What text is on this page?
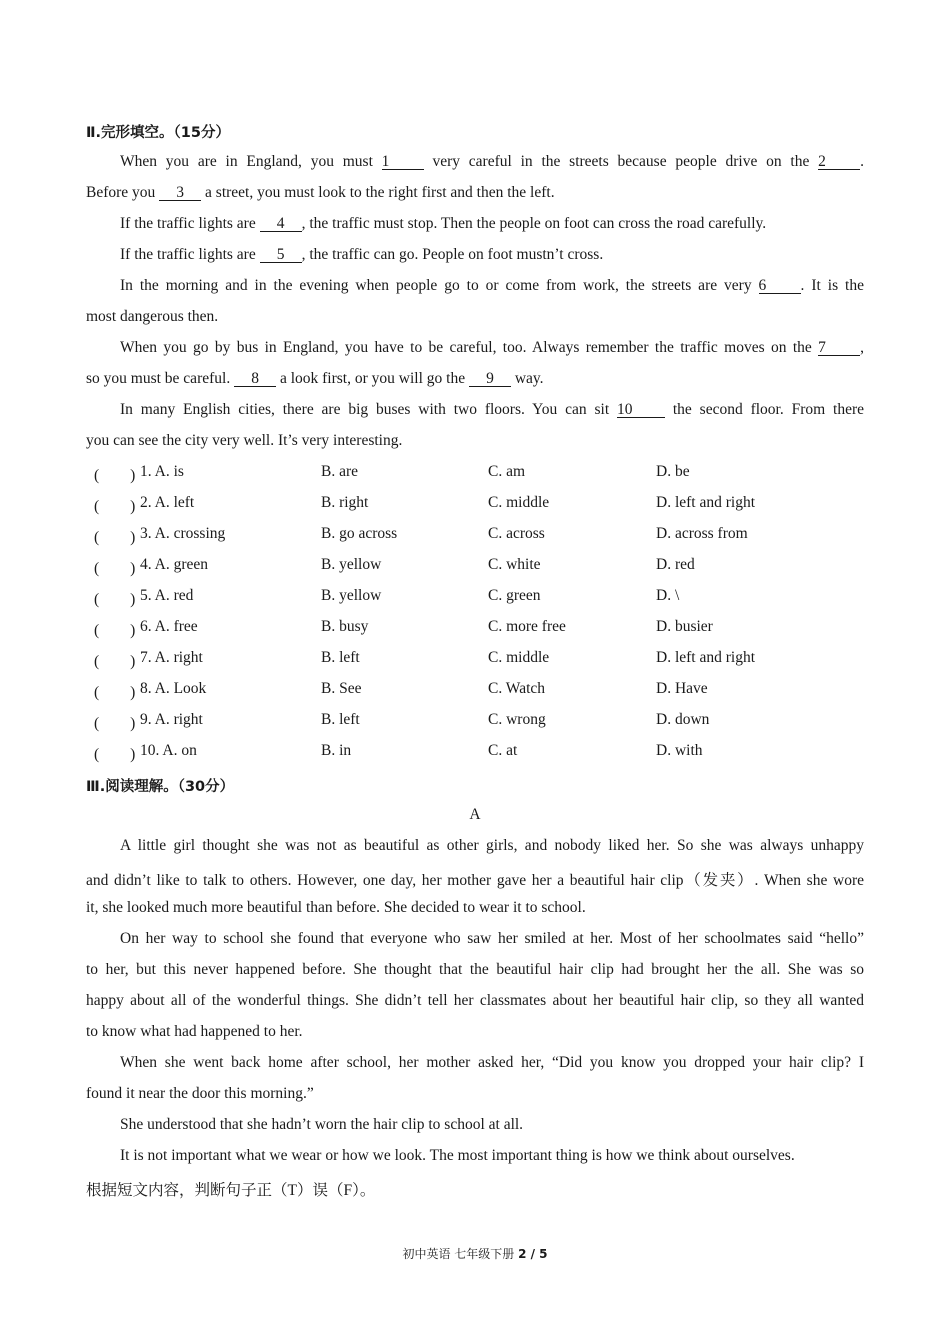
Ⅱ.完形填空。（15分）
When you are in England, you must 1	very careful in the streets because people drive on the 2 .
Before you 3 a street, you must look to the right first and then the left.
If the traffic lights are 4 , the traffic must stop. Then the people on foot can cross the road carefully.
If the traffic lights are 5 , the traffic can go. People on foot mustn’t cross.
In the morning and in the evening when people go to or come from work, the streets are very 6 . It is the
most dangerous then.
When you go by bus in England, you have to be careful, too. Always remember the traffic moves on the 7 ,
so you must be careful. 8 a look first, or you will go the 9 way.
In many English cities, there are big buses with two floors. You can sit 10	the second floor. From there
you can see the city very well. It’s very interesting.
(　　) 1. A. is	B. are	C. am	D. be
(　　) 2. A. left	B. right	C. middle	D. left and right
(　　) 3. A. crossing	B. go across	C. across	D. across from
(　　) 4. A. green	B. yellow	C. white	D. red
(　　) 5. A. red	B. yellow	C. green	D. \
(　　) 6. A. free	B. busy	C. more free	D. busier
(　　) 7. A. right	B. left	C. middle	D. left and right
(　　) 8. A. Look	B. See	C. Watch	D. Have
(　　) 9. A. right	B. left	C. wrong	D. down
(　　) 10. A. on	B. in	C. at	D. with
Ⅲ.阅读理解。（30分）
A
A little girl thought she was not as beautiful as other girls, and nobody liked her. So she was always unhappy
and didn’t like to talk to others. However, one day, her mother gave her a beautiful hair clip（发夹）. When she wore
it, she looked much more beautiful than before. She decided to wear it to school.
On her way to school she found that everyone who saw her smiled at her. Most of her schoolmates said “hello”
to her, but this never happened before. She thought that the beautiful hair clip had brought her the all. She was so
happy about all of the wonderful things. She didn’t tell her classmates about her beautiful hair clip, so they all wanted
to know what had happened to her.
When she went back home after school, her mother asked her, “Did you know you dropped your hair clip? I
found it near the door this morning.”
She understood that she hadn’t worn the hair clip to school at all.
It is not important what we wear or how we look. The most important thing is how we think about ourselves.
根据短文内容，判断句子正（T）误（F）。
初中英语 七年级下册 2 / 5
